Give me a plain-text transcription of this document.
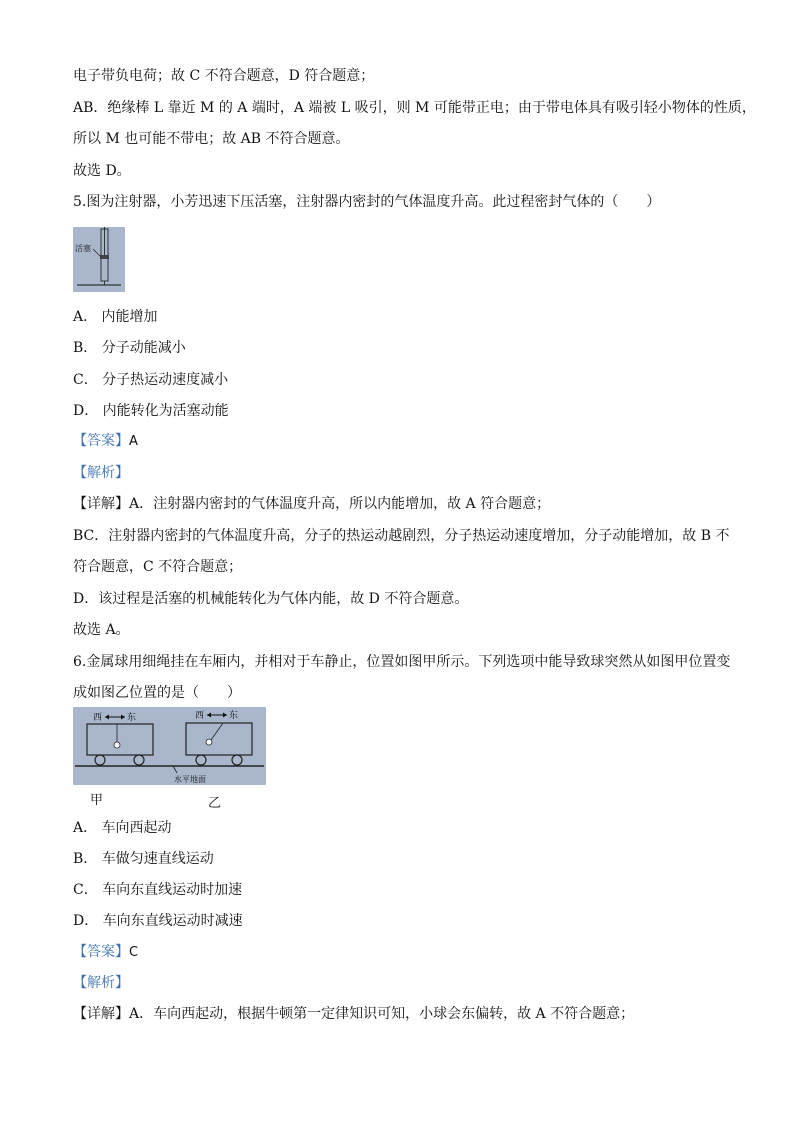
电子带负电荷；故 C 不符合题意，D 符合题意；
AB．绝缘棒 L 靠近 M 的 A 端时，A 端被 L 吸引，则 M 可能带正电；由于带电体具有吸引轻小物体的性质，
所以 M 也可能不带电；故 AB 不符合题意。
故选 D。
5.图为注射器，小芳迅速下压活塞，注射器内密封的气体温度升高。此过程密封气体的（　　）
活塞
A． 内能增加
B． 分子动能减小
C． 分子热运动速度减小
D． 内能转化为活塞动能
【答案】A
【解析】
【详解】A．注射器内密封的气体温度升高，所以内能增加，故 A 符合题意；
BC．注射器内密封的气体温度升高，分子的热运动越剧烈，分子热运动速度增加，分子动能增加，故 B 不
符合题意，C 不符合题意；
D．该过程是活塞的机械能转化为气体内能，故 D 不符合题意。
故选 A。
6.金属球用细绳挂在车厢内，并相对于车静止，位置如图甲所示。下列选项中能导致球突然从如图甲位置变
成如图乙位置的是（　　）
西	东	西	东
水平地面
甲	乙
A． 车向西起动
B． 车做匀速直线运动
C． 车向东直线运动时加速
D． 车向东直线运动时减速
【答案】C
【解析】
【详解】A．车向西起动，根据牛顿第一定律知识可知，小球会东偏转，故 A 不符合题意；
